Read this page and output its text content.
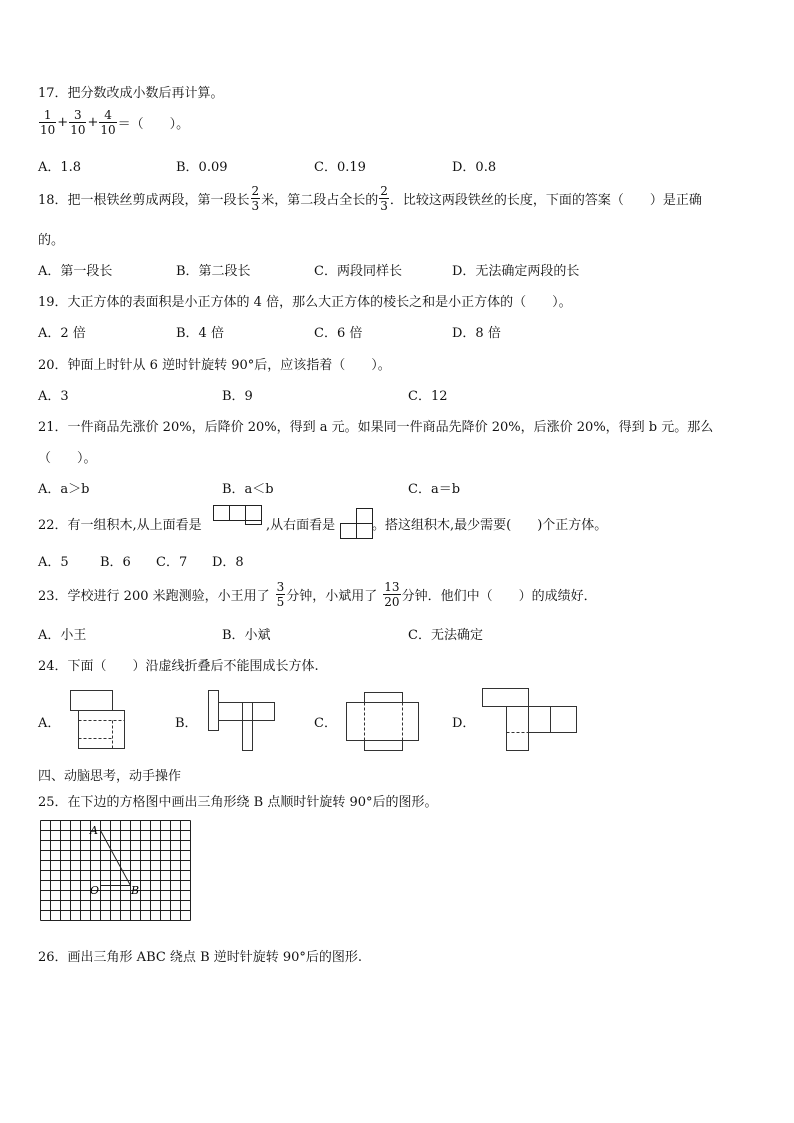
17．把分数改成小数后再计算。
$\frac{1}{10} + \frac{3}{10} + \frac{4}{10}$ ＝（　　）。
A．1.8	B．0.09	C．0.19	D．0.8
18．把一根铁丝剪成两段，第一段长 $\frac{2}{3}$ 米，第二段占全长的 $\frac{2}{3}$ ．比较这两段铁丝的长度，下面的答案（　　）是正确
的。
A．第一段长	B．第二段长	C．两段同样长	D．无法确定两段的长
19．大正方体的表面积是小正方体的 4 倍，那么大正方体的棱长之和是小正方体的（　　）。
A．2 倍	B．4 倍	C．6 倍	D．8 倍
20．钟面上时针从 6 逆时针旋转 90°后，应该指着（　　）。
A．3	B．9	C．12
21．一件商品先涨价 20%，后降价 20%，得到 a 元。如果同一件商品先降价 20%，后涨价 20%，得到 b 元。那么
（　　）。
A．a＞b	B．a＜b	C．a＝b
22．有一组积木,从上面看是	,从右面看是	。搭这组积木,最少需要(　　)个正方体。
A．5 B．6 C．7 D．8
23．学校进行 200 米跑测验，小王用了 $\frac{3}{5}$ 分钟，小斌用了 $\frac{13}{20}$ 分钟．他们中（　　）的成绩好．
A．小王	B．小斌	C．无法确定
24．下面（　　）沿虚线折叠后不能围成长方体.
A．	B．	C．	D．
四、动脑思考，动手操作
25．在下边的方格图中画出三角形绕 B 点顺时针旋转 90°后的图形。
A
O	B
26．画出三角形 ABC 绕点 B 逆时针旋转 90°后的图形.
